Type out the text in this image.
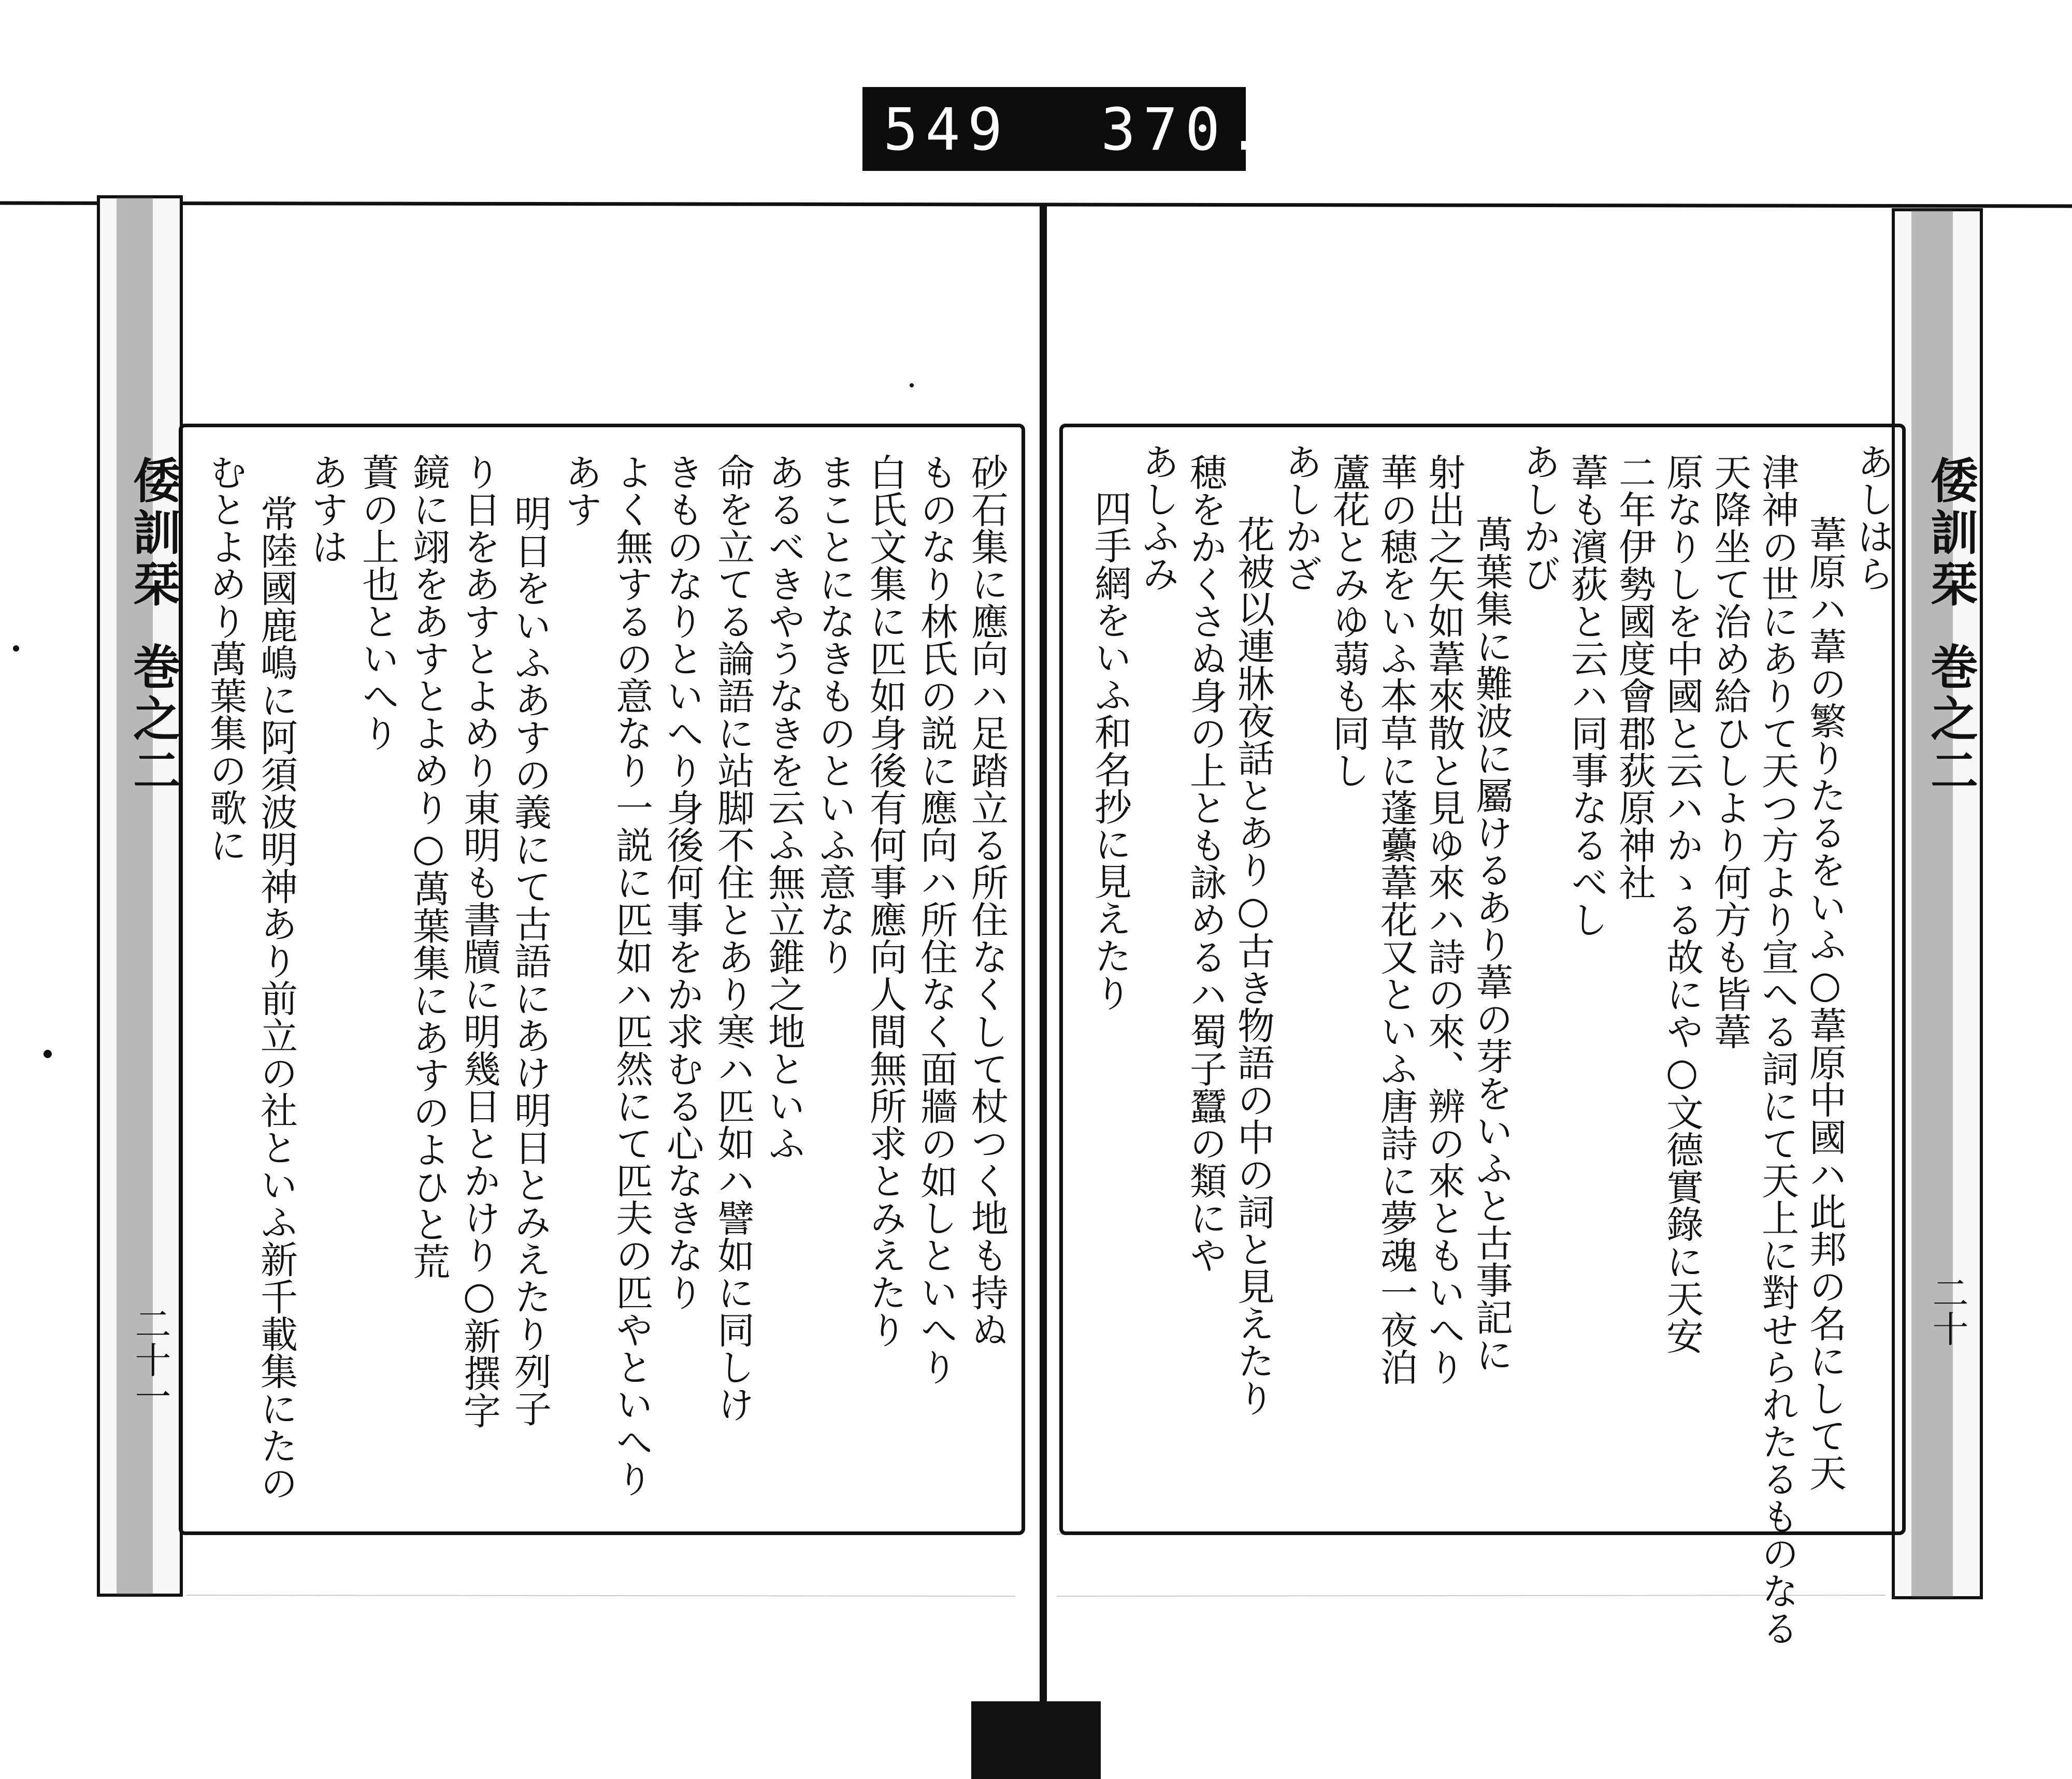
549 370.
倭訓栞
巻之二
二十一
砂石集に應向ハ足踏立る所住なくして杖つく地も持ぬ
ものなり林氏の説に應向ハ所住なく面牆の如しといへり
白氏文集に匹如身後有何事應向人間無所求とみえたり
まことになきものといふ意なり
あるべきやうなきを云ふ無立錐之地といふ
命を立てる論語に站脚不住とあり寒ハ匹如ハ譬如に同しけ
きものなりといへり身後何事をか求むる心なきなり
よく無するの意なり一説に匹如ハ匹然にて匹夫の匹やといへり
あす
明日をいふあすの義にて古語にあけ明日とみえたり列子
り日をあすとよめり東明も書牘に明幾日とかけり○新撰字
鏡に翊をあすとよめり○萬葉集にあすのよひと荒
蕢の上也といへり
あすは
常陸國鹿嶋に阿須波明神あり前立の社といふ新千載集にたの
むとよめり萬葉集の歌に	倭訓栞
巻之二
二十
あしはら
葦原ハ葦の繁りたるをいふ○葦原中國ハ此邦の名にして天
津神の世にありて天つ方より宣へる詞にて天上に對せられたるものなる
天降坐て治め給ひしより何方も皆葦
原なりしを中國と云ハかゝる故にや○文德實錄に天安
二年伊勢國度會郡荻原神社
葦も濱荻と云ハ同事なるべし
あしかび
萬葉集に難波に屬けるあり葦の芽をいふと古事記に
射出之矢如葦來散と見ゆ來ハ詩の來、辨の來ともいへり
華の穂をいふ本草に蓬虆葦花又といふ唐詩に夢魂一夜泊
蘆花とみゆ蒻も同し
あしかざ
花被以連牀夜話とあり○古き物語の中の詞と見えたり
穂をかくさぬ身の上とも詠めるハ蜀子蠶の類にや
あしふみ
四手網をいふ和名抄に見えたり
